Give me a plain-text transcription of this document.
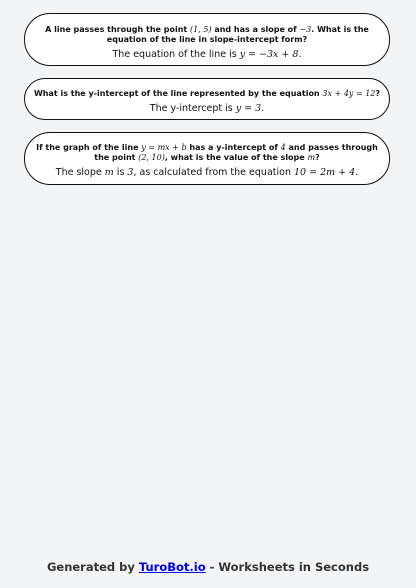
A line passes through the point (1, 5) and has a slope of −3. What is the equation of the line in slope-intercept form?
The equation of the line is y = −3x + 8.
What is the y-intercept of the line represented by the equation 3x + 4y = 12?
The y-intercept is y = 3.
If the graph of the line y = mx + b has a y-intercept of 4 and passes through the point (2, 10), what is the value of the slope m?
The slope m is 3, as calculated from the equation 10 = 2m + 4.
Generated by TuroBot.io - Worksheets in Seconds
